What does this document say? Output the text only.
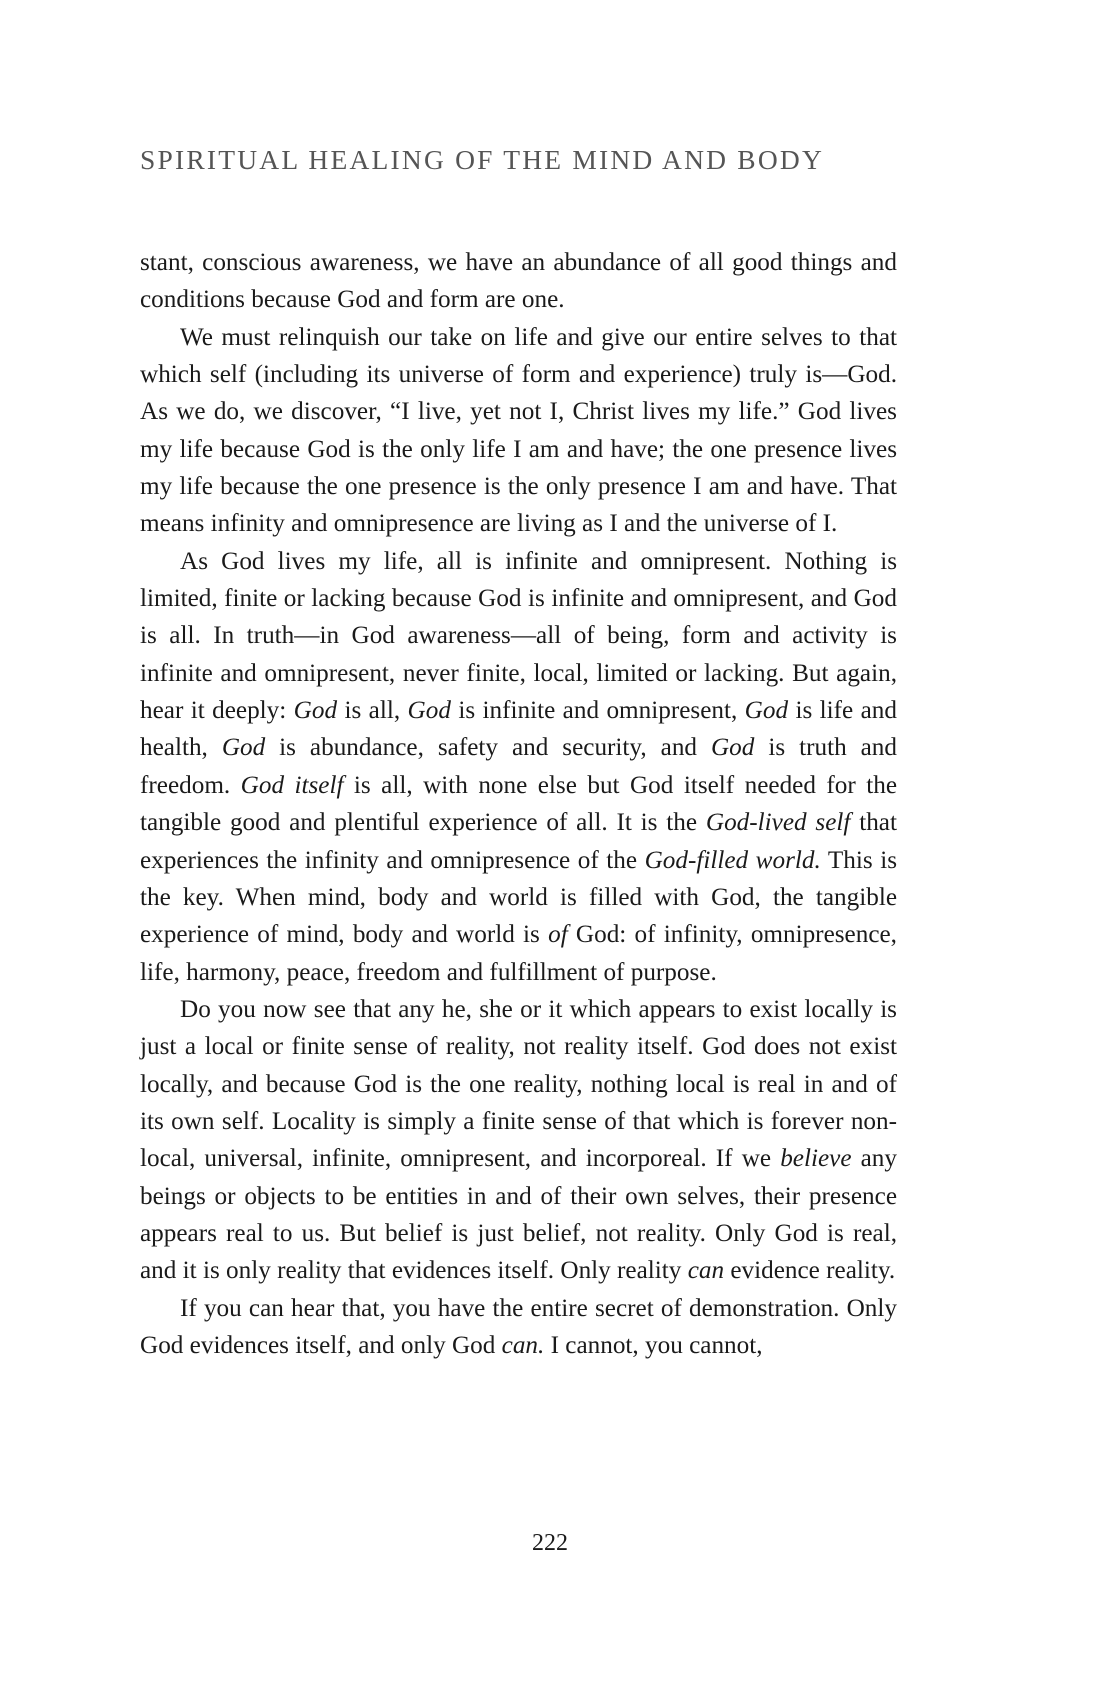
SPIRITUAL HEALING OF THE MIND AND BODY

stant, conscious awareness, we have an abundance of all good things and conditions because God and form are one.

We must relinquish our take on life and give our entire selves to that which self (including its universe of form and experience) truly is—God. As we do, we discover, “I live, yet not I, Christ lives my life.” God lives my life because God is the only life I am and have; the one presence lives my life because the one presence is the only presence I am and have. That means infinity and omnipresence are living as I and the universe of I.

As God lives my life, all is infinite and omnipresent. Nothing is limited, finite or lacking because God is infinite and omnipresent, and God is all. In truth—in God awareness—all of being, form and activity is infinite and omnipresent, never finite, local, limited or lacking. But again, hear it deeply: God is all, God is infinite and omnipresent, God is life and health, God is abundance, safety and security, and God is truth and freedom. God itself is all, with none else but God itself needed for the tangible good and plentiful experience of all. It is the God-lived self that experiences the infinity and omnipresence of the God-filled world. This is the key. When mind, body and world is filled with God, the tangible experience of mind, body and world is of God: of infinity, omnipresence, life, harmony, peace, freedom and fulfillment of purpose.

Do you now see that any he, she or it which appears to exist locally is just a local or finite sense of reality, not reality itself. God does not exist locally, and because God is the one reality, nothing local is real in and of its own self. Locality is simply a finite sense of that which is forever non-local, universal, infinite, omnipresent, and incorporeal. If we believe any beings or objects to be entities in and of their own selves, their presence appears real to us. But belief is just belief, not reality. Only God is real, and it is only reality that evidences itself. Only reality can evidence reality.

If you can hear that, you have the entire secret of demonstration. Only God evidences itself, and only God can. I cannot, you cannot,

222
